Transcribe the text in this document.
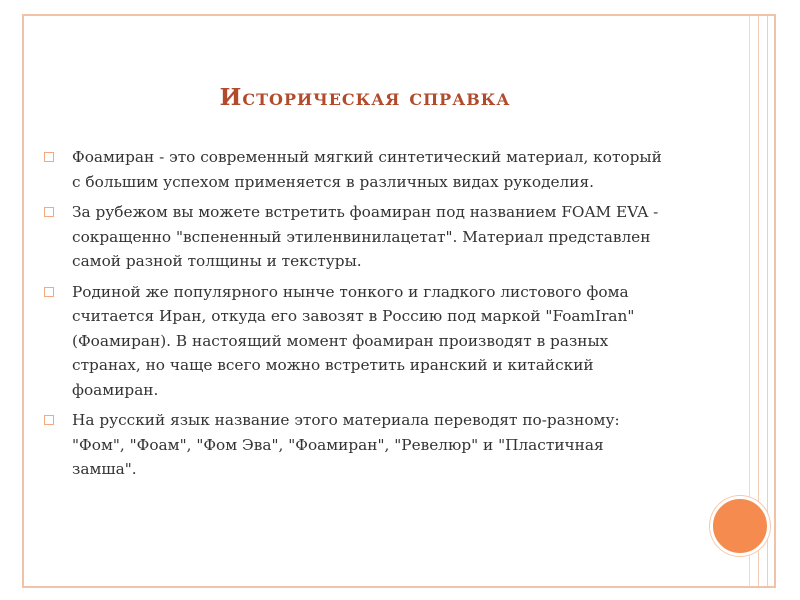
Историческая справка
Фоамиран - это современный мягкий синтетический материал, который с большим успехом применяется в различных видах рукоделия.
За рубежом вы можете встретить фоамиран под названием FOAM EVA - сокращенно "вспененный этиленвинилацетат". Материал представлен самой разной толщины и текстуры.
Родиной же популярного нынче тонкого и гладкого листового фома считается Иран, откуда его завозят в Россию под маркой "FoamIran" (Фоамиран). В настоящий момент фоамиран производят в разных странах, но чаще всего можно встретить иранский и китайский фоамиран.
На русский язык название этого материала переводят по-разному: "Фом", "Фоам", "Фом Эва", "Фоамиран", "Ревелюр" и "Пластичная замша".
